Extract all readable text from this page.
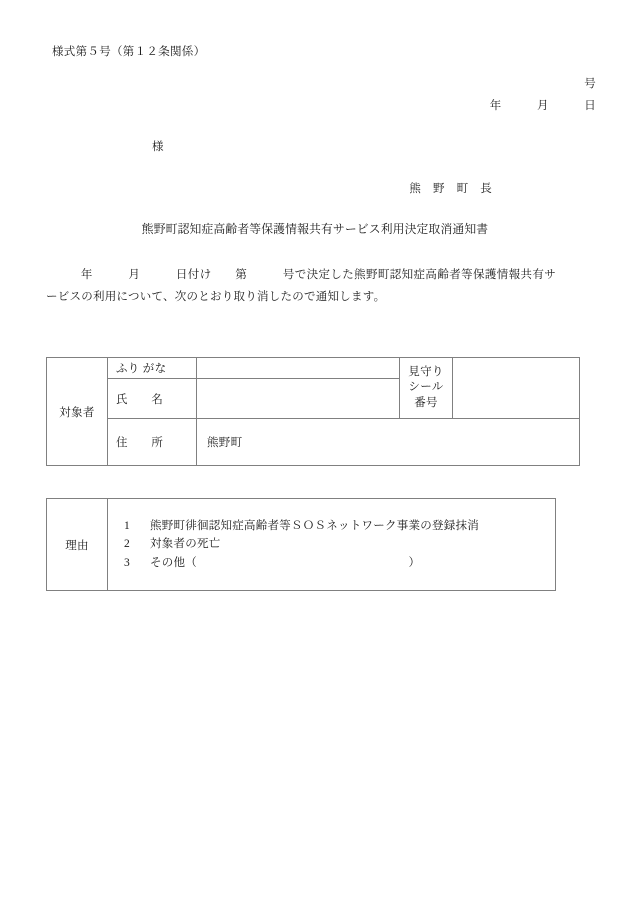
様式第５号（第１２条関係）
号
年　　　月　　　日
様
熊　野　町　長
熊野町認知症高齢者等保護情報共有サービス利用決定取消通知書
　年　　　月　　　日付け　　第　　　号で決定した熊野町認知症高齢者等保護情報共有サービスの利用について、次のとおり取り消したので通知します。
対象者	ふり がな		見守り
シール
番号	
	氏　　名			
	住　　所	熊野町		
理由	
1 熊野町徘徊認知症高齢者等ＳＯＳネットワーク事業の登録抹消
2 対象者の死亡
3 その他（　　　　　　　　　　　　　　　　　　）
